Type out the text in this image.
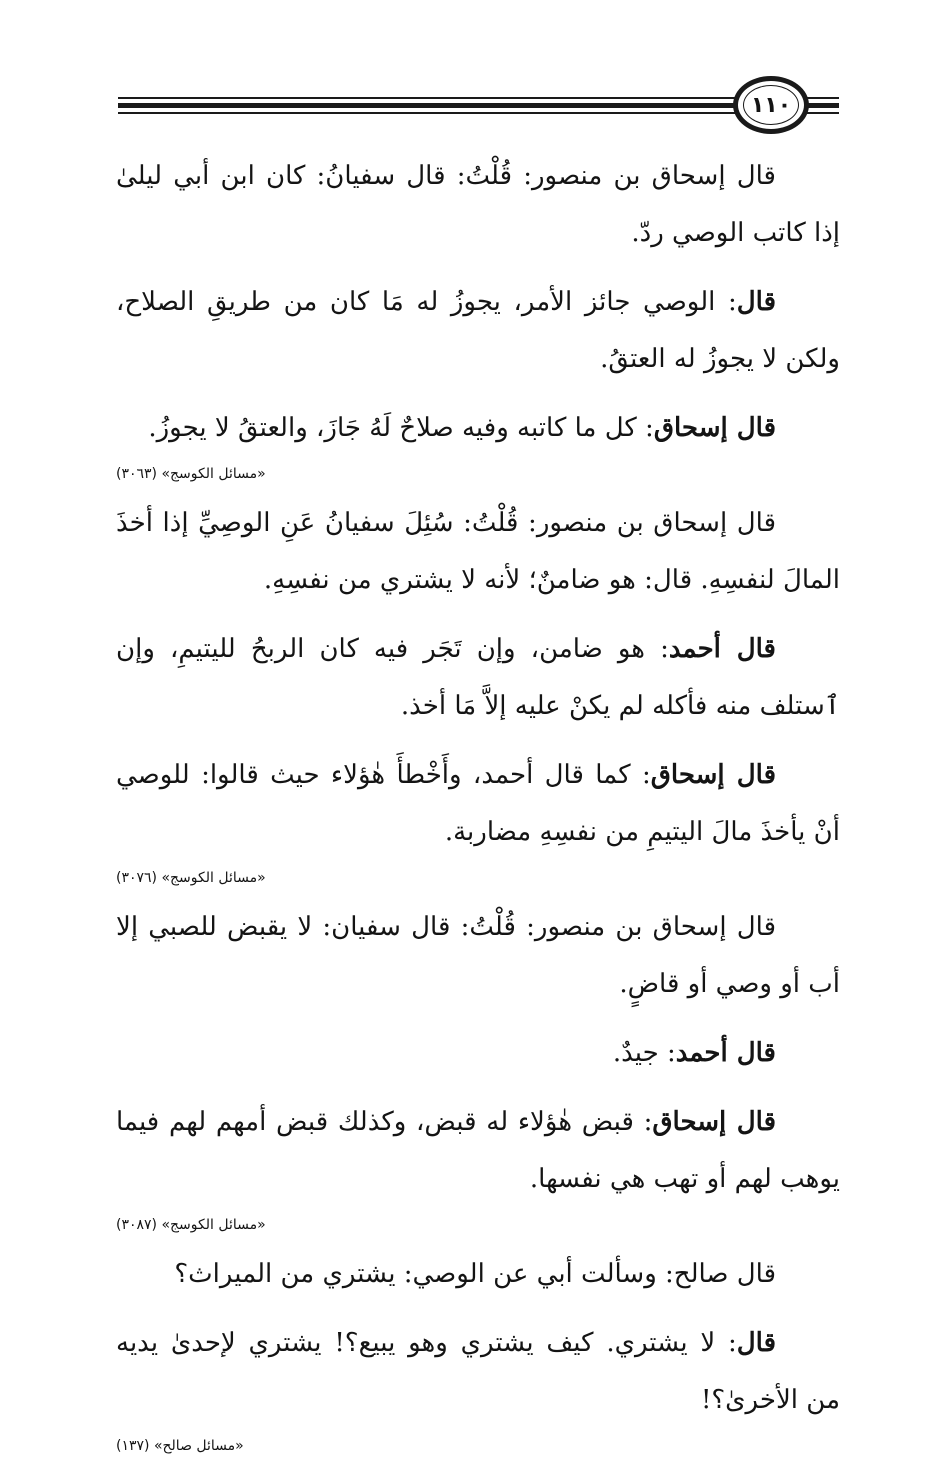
١١٠

قال إسحاق بن منصور: قُلْتُ: قال سفيانُ: كان ابن أبي ليلىٰ إذا كاتب الوصي ردّ.

قال: الوصي جائز الأمر، يجوزُ له مَا كان من طريقِ الصلاح، ولكن لا يجوزُ له العتقُ.

قال إسحاق: كل ما كاتبه وفيه صلاحٌ لَهُ جَازَ، والعتقُ لا يجوزُ.

«مسائل الكوسج» (٣٠٦٣)

قال إسحاق بن منصور: قُلْتُ: سُئِلَ سفيانُ عَنِ الوصِيِّ إذا أخذَ المالَ لنفسِهِ. قال: هو ضامنٌ؛ لأنه لا يشتري من نفسِهِ.

قال أحمد: هو ضامن، وإن تَجَر فيه كان الربحُ لليتيمِ، وإن ٱستلف منه فأكله لم يكنْ عليه إلاَّ مَا أخذ.

قال إسحاق: كما قال أحمد، وأَخْطأَ هٰؤلاء حيث قالوا: للوصي أنْ يأخذَ مالَ اليتيمِ من نفسِهِ مضاربة.

«مسائل الكوسج» (٣٠٧٦)

قال إسحاق بن منصور: قُلْتُ: قال سفيان: لا يقبض للصبي إلا أب أو وصي أو قاضٍ.

قال أحمد: جيدٌ.

قال إسحاق: قبض هٰؤلاء له قبض، وكذلك قبض أمهم لهم فيما يوهب لهم أو تهب هي نفسها.

«مسائل الكوسج» (٣٠٨٧)

قال صالح: وسألت أبي عن الوصي: يشتري من الميراث؟

قال: لا يشتري. كيف يشتري وهو يبيع؟! يشتري لإحدىٰ يديه من الأخرىٰ؟!

«مسائل صالح» (١٣٧)
